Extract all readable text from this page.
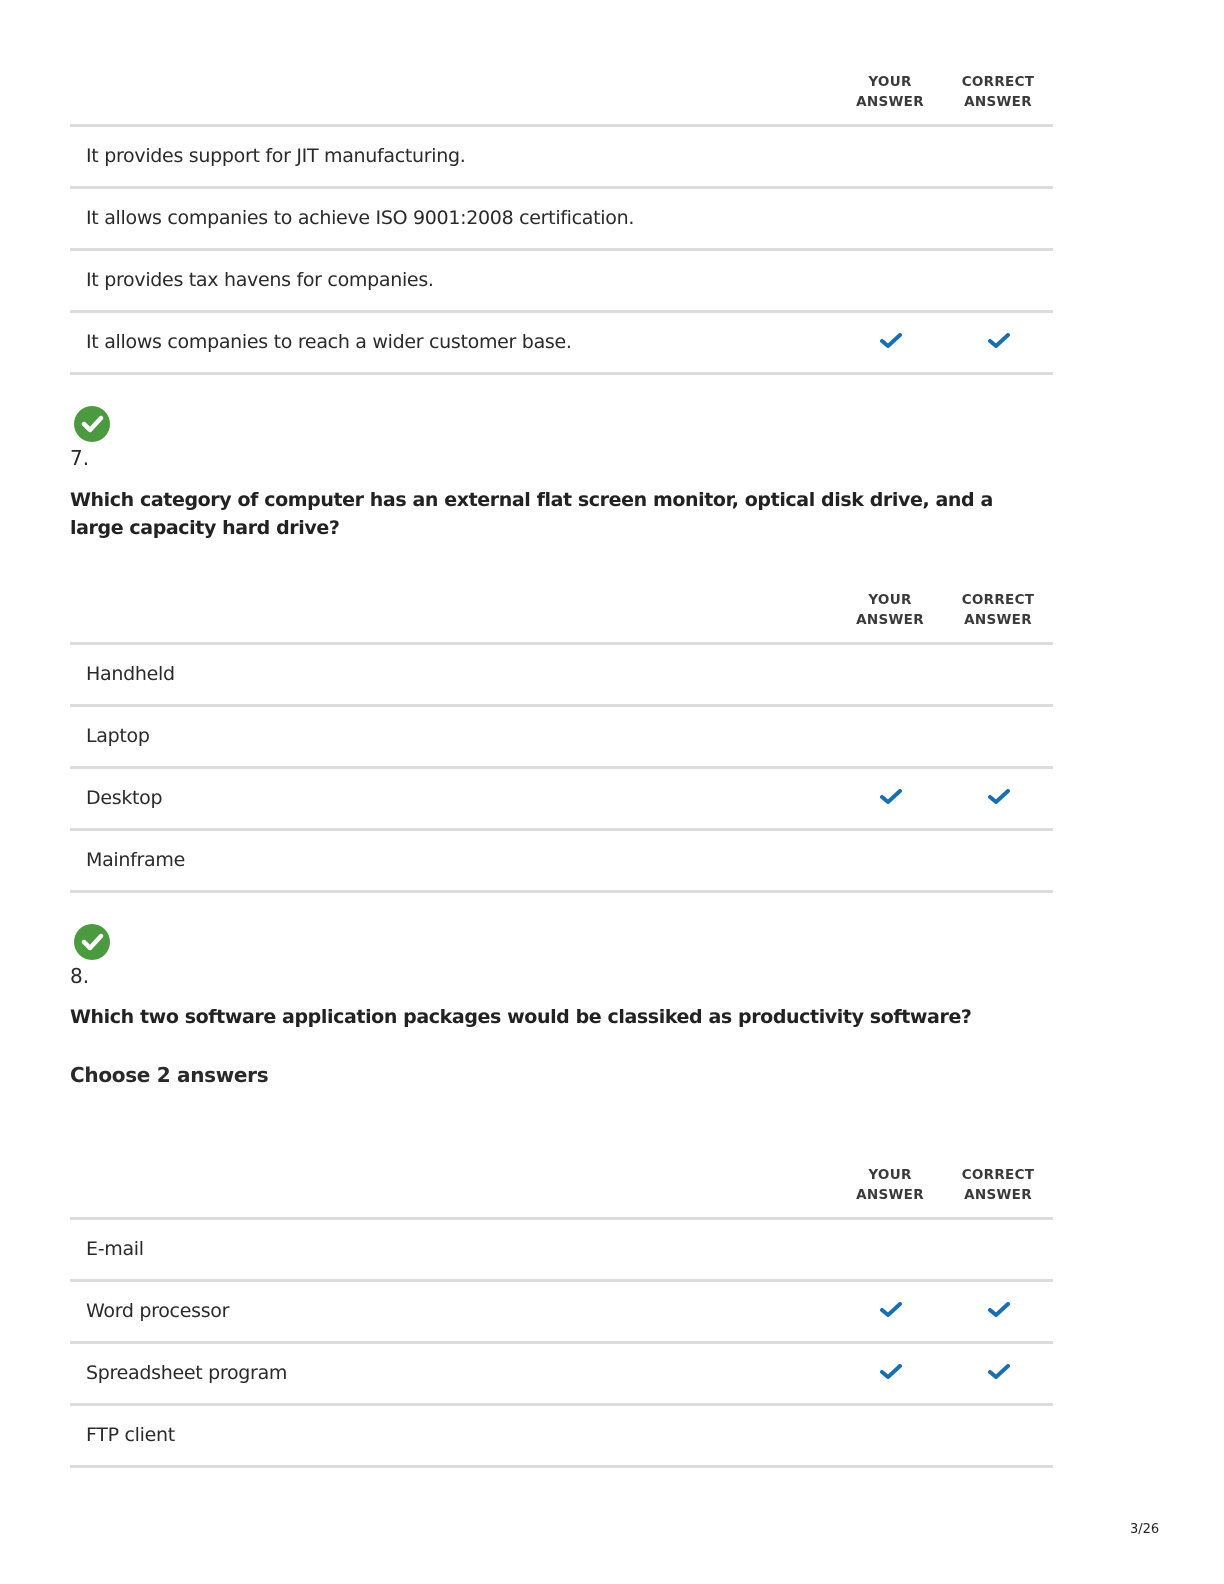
YOUR ANSWER
CORRECT ANSWER
It provides support for JIT manufacturing.
It allows companies to achieve ISO 9001:2008 certification.
It provides tax havens for companies.
It allows companies to reach a wider customer base.
7.
Which category of computer has an external flat screen monitor, optical disk drive, and a large capacity hard drive?
YOUR ANSWER
CORRECT ANSWER
Handheld
Laptop
Desktop
Mainframe
8.
Which two software application packages would be classiked as productivity software?
Choose 2 answers
YOUR ANSWER
CORRECT ANSWER
E-mail
Word processor
Spreadsheet program
FTP client
3/26
